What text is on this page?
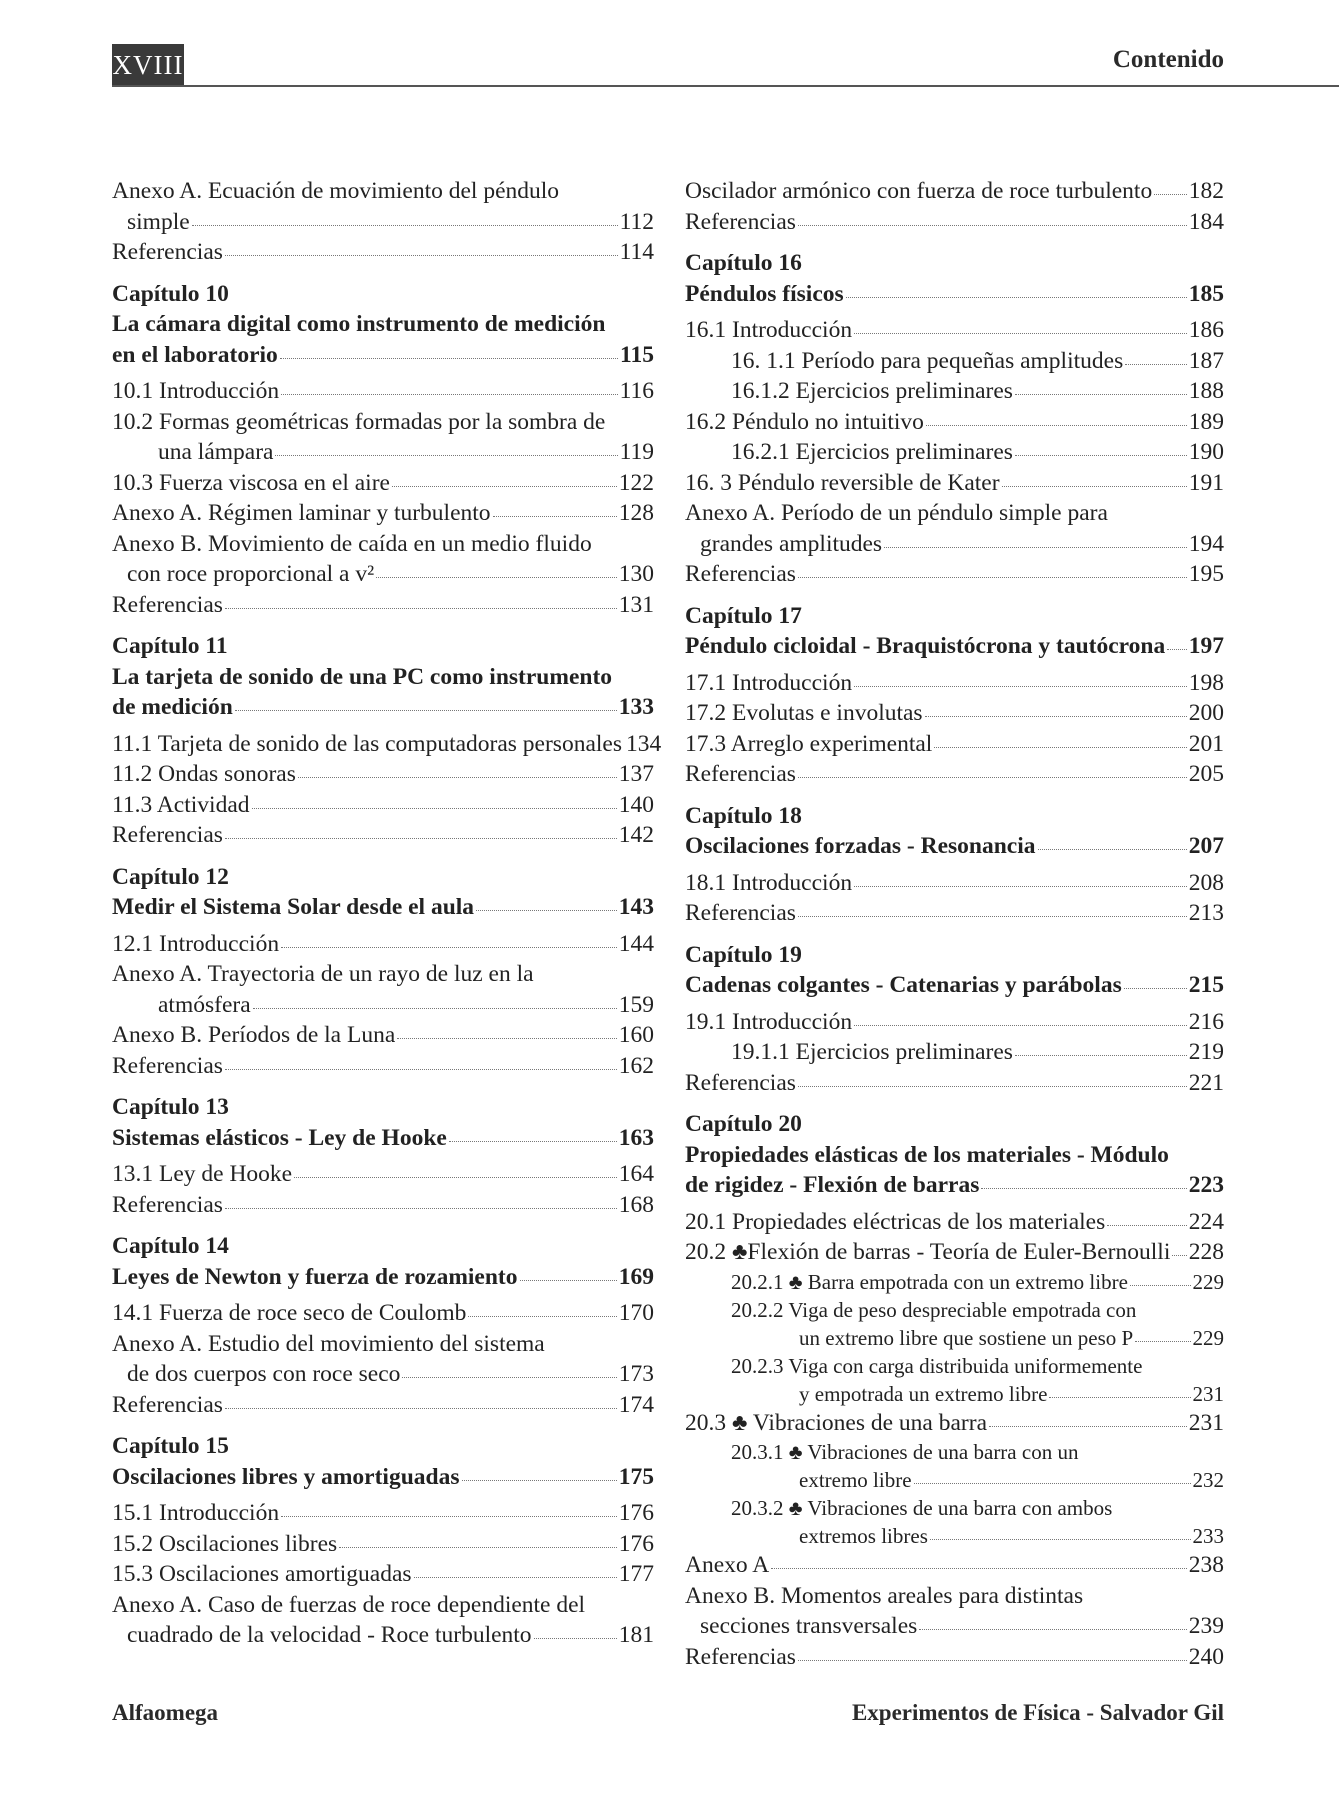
XVIII	Contenido
Anexo A. Ecuación de movimiento del péndulo
simple	112
Referencias	114
Capítulo 10
La cámara digital como instrumento de medición
en el laboratorio	115
10.1 Introducción	116
10.2 Formas geométricas formadas por la sombra de
una lámpara	119
10.3 Fuerza viscosa en el aire	122
Anexo A. Régimen laminar y turbulento	128
Anexo B. Movimiento de caída en un medio fluido
con roce proporcional a v²	130
Referencias	131
Capítulo 11
La tarjeta de sonido de una PC como instrumento
de medición	133
11.1 Tarjeta de sonido de las computadoras personales 134
11.2 Ondas sonoras	137
11.3 Actividad	140
Referencias	142
Capítulo 12
Medir el Sistema Solar desde el aula	143
12.1 Introducción	144
Anexo A. Trayectoria de un rayo de luz en la
atmósfera	159
Anexo B. Períodos de la Luna	160
Referencias	162
Capítulo 13
Sistemas elásticos - Ley de Hooke	163
13.1 Ley de Hooke	164
Referencias	168
Capítulo 14
Leyes de Newton y fuerza de rozamiento	169
14.1 Fuerza de roce seco de Coulomb	170
Anexo A. Estudio del movimiento del sistema
de dos cuerpos con roce seco	173
Referencias	174
Capítulo 15
Oscilaciones libres y amortiguadas	175
15.1 Introducción	176
15.2 Oscilaciones libres	176
15.3 Oscilaciones amortiguadas	177
Anexo A. Caso de fuerzas de roce dependiente del
cuadrado de la velocidad - Roce turbulento	181
Oscilador armónico con fuerza de roce turbulento 182
Referencias	184
Capítulo 16
Péndulos físicos	185
16.1 Introducción	186
16. 1.1 Período para pequeñas amplitudes	187
16.1.2 Ejercicios preliminares	188
16.2 Péndulo no intuitivo	189
16.2.1 Ejercicios preliminares	190
16. 3 Péndulo reversible de Kater	191
Anexo A. Período de un péndulo simple para
grandes amplitudes	194
Referencias	195
Capítulo 17
Péndulo cicloidal - Braquistócrona y tautócrona 197
17.1 Introducción	198
17.2 Evolutas e involutas	200
17.3 Arreglo experimental	201
Referencias	205
Capítulo 18
Oscilaciones forzadas - Resonancia	207
18.1 Introducción	208
Referencias	213
Capítulo 19
Cadenas colgantes - Catenarias y parábolas	215
19.1 Introducción	216
19.1.1 Ejercicios preliminares	219
Referencias	221
Capítulo 20
Propiedades elásticas de los materiales - Módulo
de rigidez - Flexión de barras	223
20.1 Propiedades eléctricas de los materiales	224
20.2 ♣Flexión de barras - Teoría de Euler-Bernoulli 228
20.2.1 ♣ Barra empotrada con un extremo libre	229
20.2.2 Viga de peso despreciable empotrada con
un extremo libre que sostiene un peso P	229
20.2.3 Viga con carga distribuida uniformemente
y empotrada un extremo libre	231
20.3 ♣ Vibraciones de una barra	231
20.3.1 ♣ Vibraciones de una barra con un
extremo libre	232
20.3.2 ♣ Vibraciones de una barra con ambos
extremos libres	233
Anexo A	238
Anexo B. Momentos areales para distintas
secciones transversales	239
Referencias	240
Alfaomega	Experimentos de Física - Salvador Gil
